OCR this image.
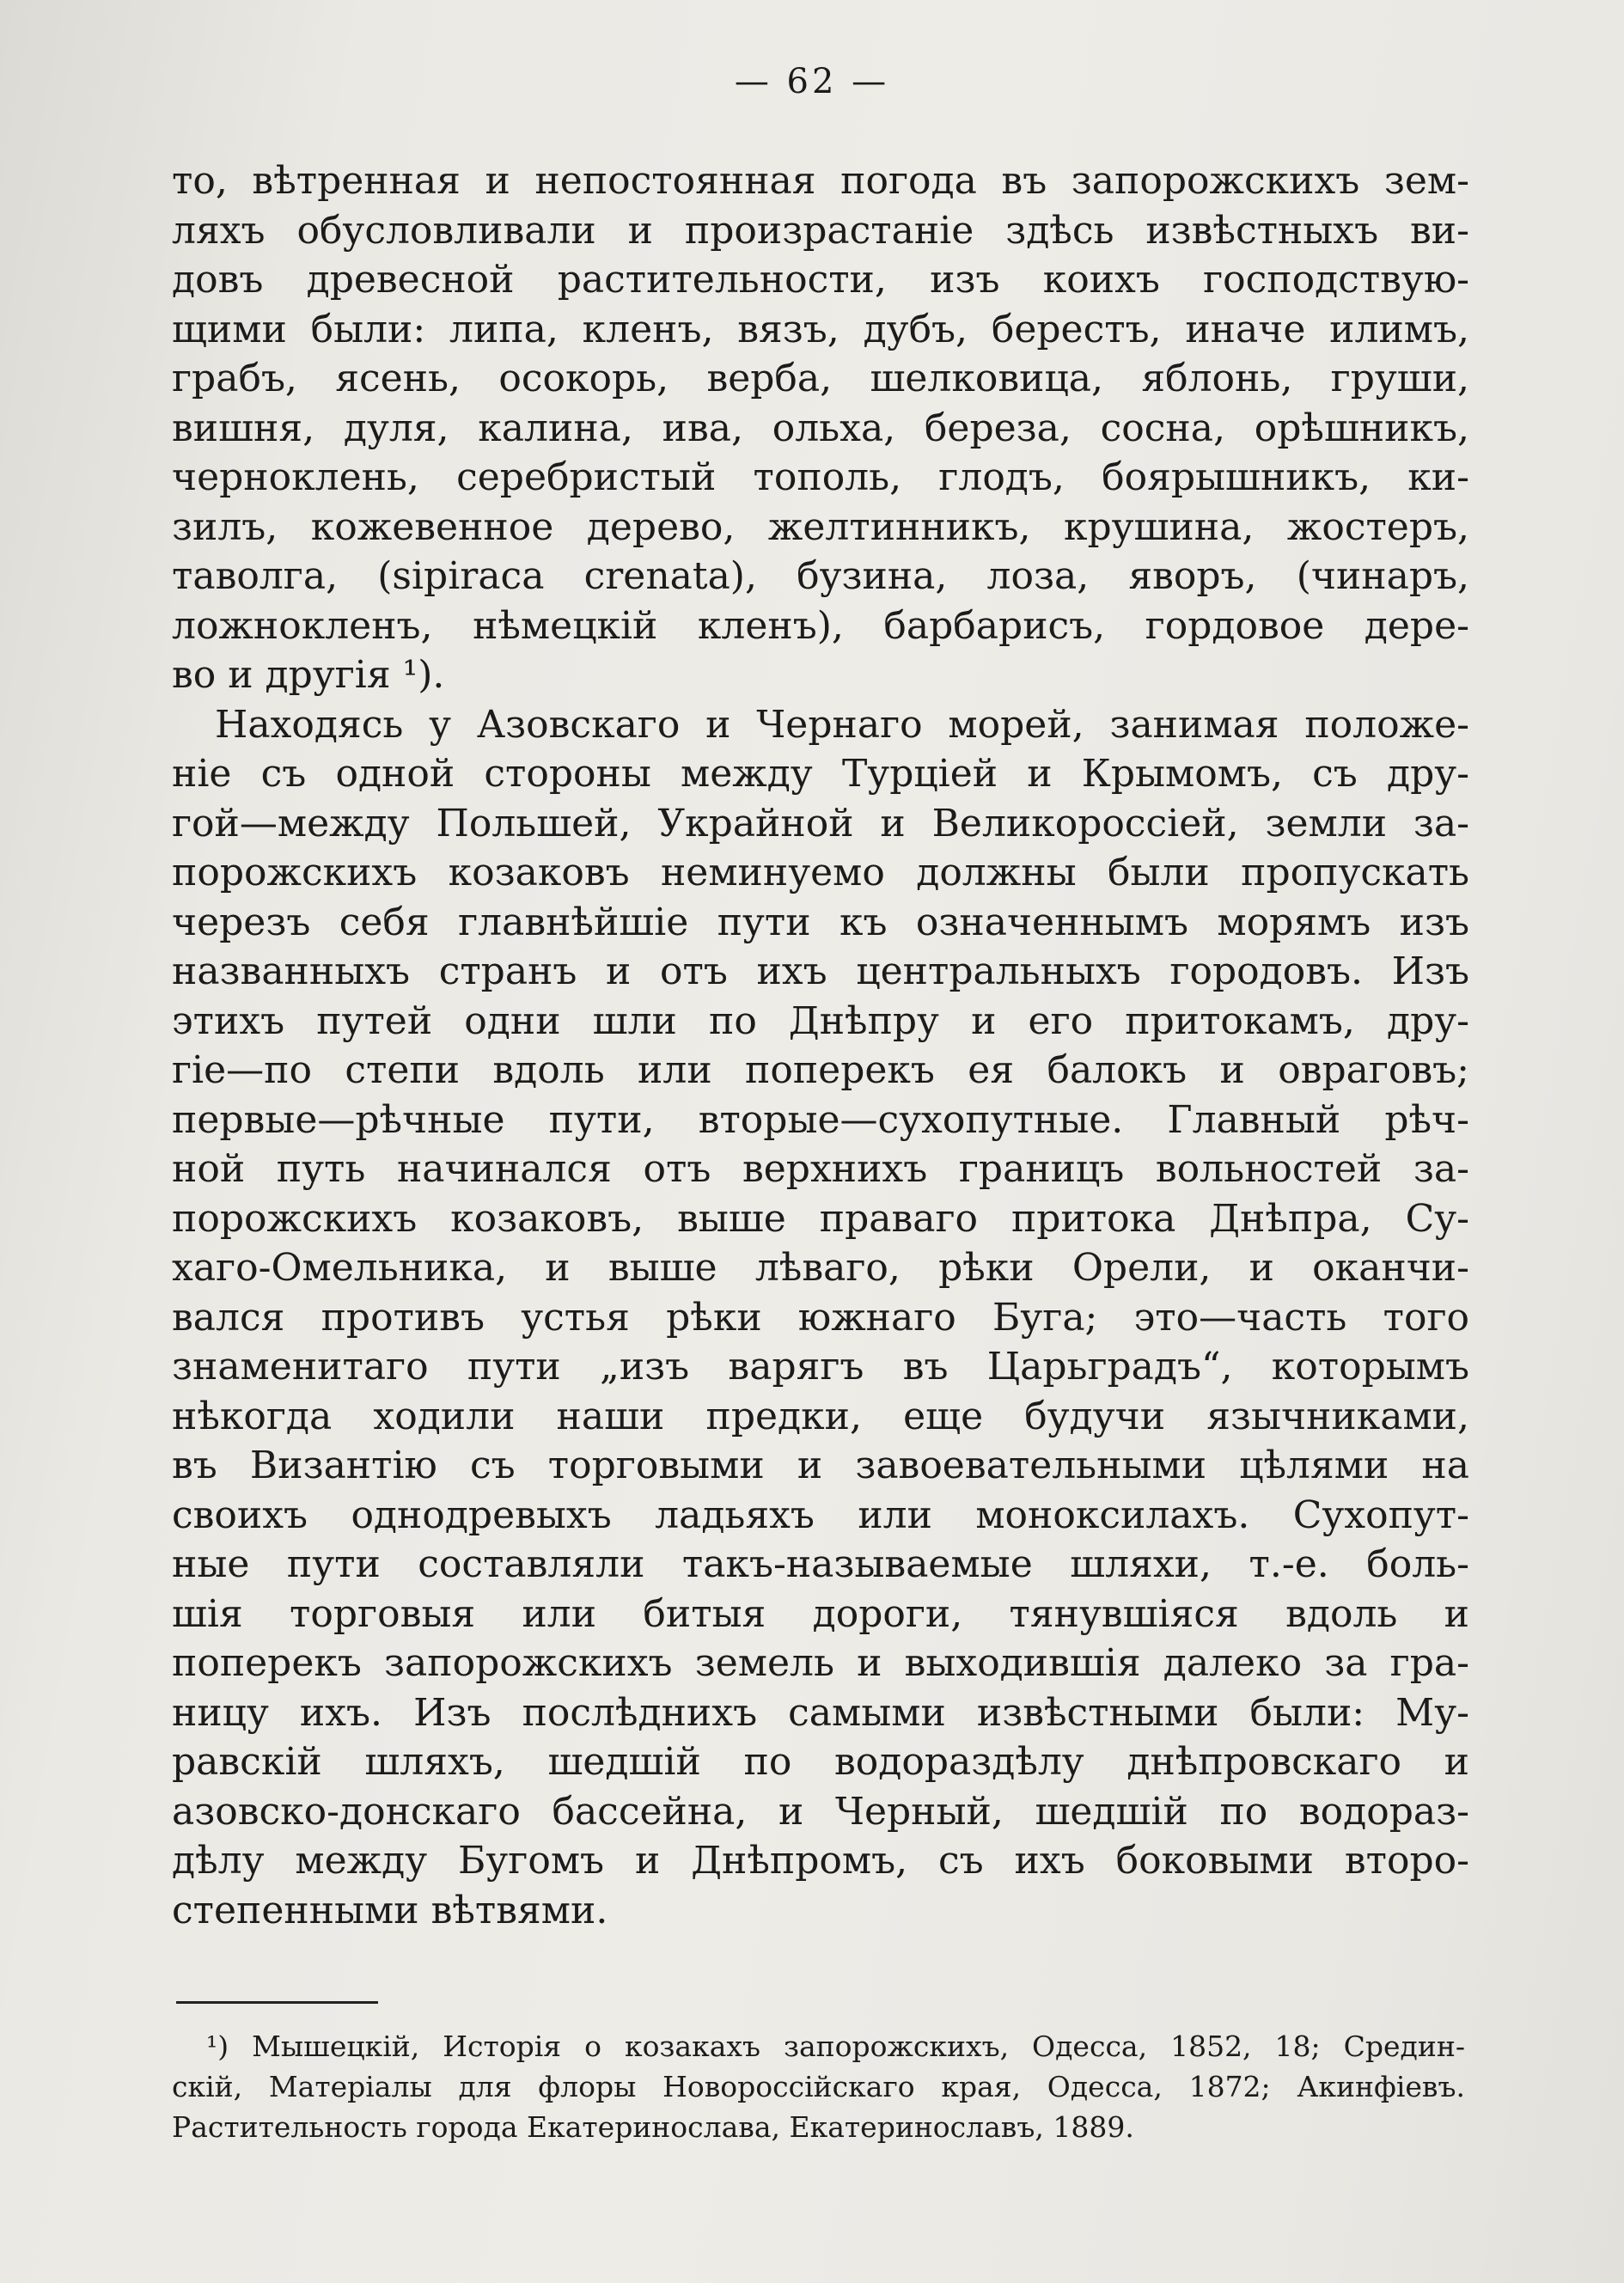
— 62 —
то, вѣтренная и непостоянная погода въ запорожскихъ зем-
ляхъ обусловливали и произрастаніе здѣсь извѣстныхъ ви-
довъ древесной растительности, изъ коихъ господствую-
щими были: липа, кленъ, вязъ, дубъ, берестъ, иначе илимъ,
грабъ, ясень, осокорь, верба, шелковица, яблонь, груши,
вишня, дуля, калина, ива, ольха, береза, сосна, орѣшникъ,
черноклень, серебристый тополь, глодъ, боярышникъ, ки-
зилъ, кожевенное дерево, желтинникъ, крушина, жостеръ,
таволга, (sipiraca crenata), бузина, лоза, яворъ, (чинаръ,
ложнокленъ, нѣмецкій кленъ), барбарисъ, гордовое дере-
во и другія ¹).
Находясь у Азовскаго и Чернаго морей, занимая положе-
ніе съ одной стороны между Турціей и Крымомъ, съ дру-
гой—между Польшей, Украйной и Великороссіей, земли за-
порожскихъ козаковъ неминуемо должны были пропускать
черезъ себя главнѣйшіе пути къ означеннымъ морямъ изъ
названныхъ странъ и отъ ихъ центральныхъ городовъ. Изъ
этихъ путей одни шли по Днѣпру и его притокамъ, дру-
гіе—по степи вдоль или поперекъ ея балокъ и овраговъ;
первые—рѣчные пути, вторые—сухопутные. Главный рѣч-
ной путь начинался отъ верхнихъ границъ вольностей за-
порожскихъ козаковъ, выше праваго притока Днѣпра, Су-
хаго-Омельника, и выше лѣваго, рѣки Орели, и оканчи-
вался противъ устья рѣки южнаго Буга; это—часть того
знаменитаго пути „изъ варягъ въ Царьградъ“, которымъ
нѣкогда ходили наши предки, еще будучи язычниками,
въ Византію съ торговыми и завоевательными цѣлями на
своихъ однодревыхъ ладьяхъ или моноксилахъ. Сухопут-
ные пути составляли такъ-называемые шляхи, т.-е. боль-
шія торговыя или битыя дороги, тянувшіяся вдоль и
поперекъ запорожскихъ земель и выходившія далеко за гра-
ницу ихъ. Изъ послѣднихъ самыми извѣстными были: Му-
равскій шляхъ, шедшій по водораздѣлу днѣпровскаго и
азовско-донскаго бассейна, и Черный, шедшій по водораз-
дѣлу между Бугомъ и Днѣпромъ, съ ихъ боковыми второ-
степенными вѣтвями.
¹) Мышецкій, Исторія о козакахъ запорожскихъ, Одесса, 1852, 18; Средин-
скій, Матеріалы для флоры Новороссійскаго края, Одесса, 1872; Акинфіевъ.
Растительность города Екатеринослава, Екатеринославъ, 1889.
